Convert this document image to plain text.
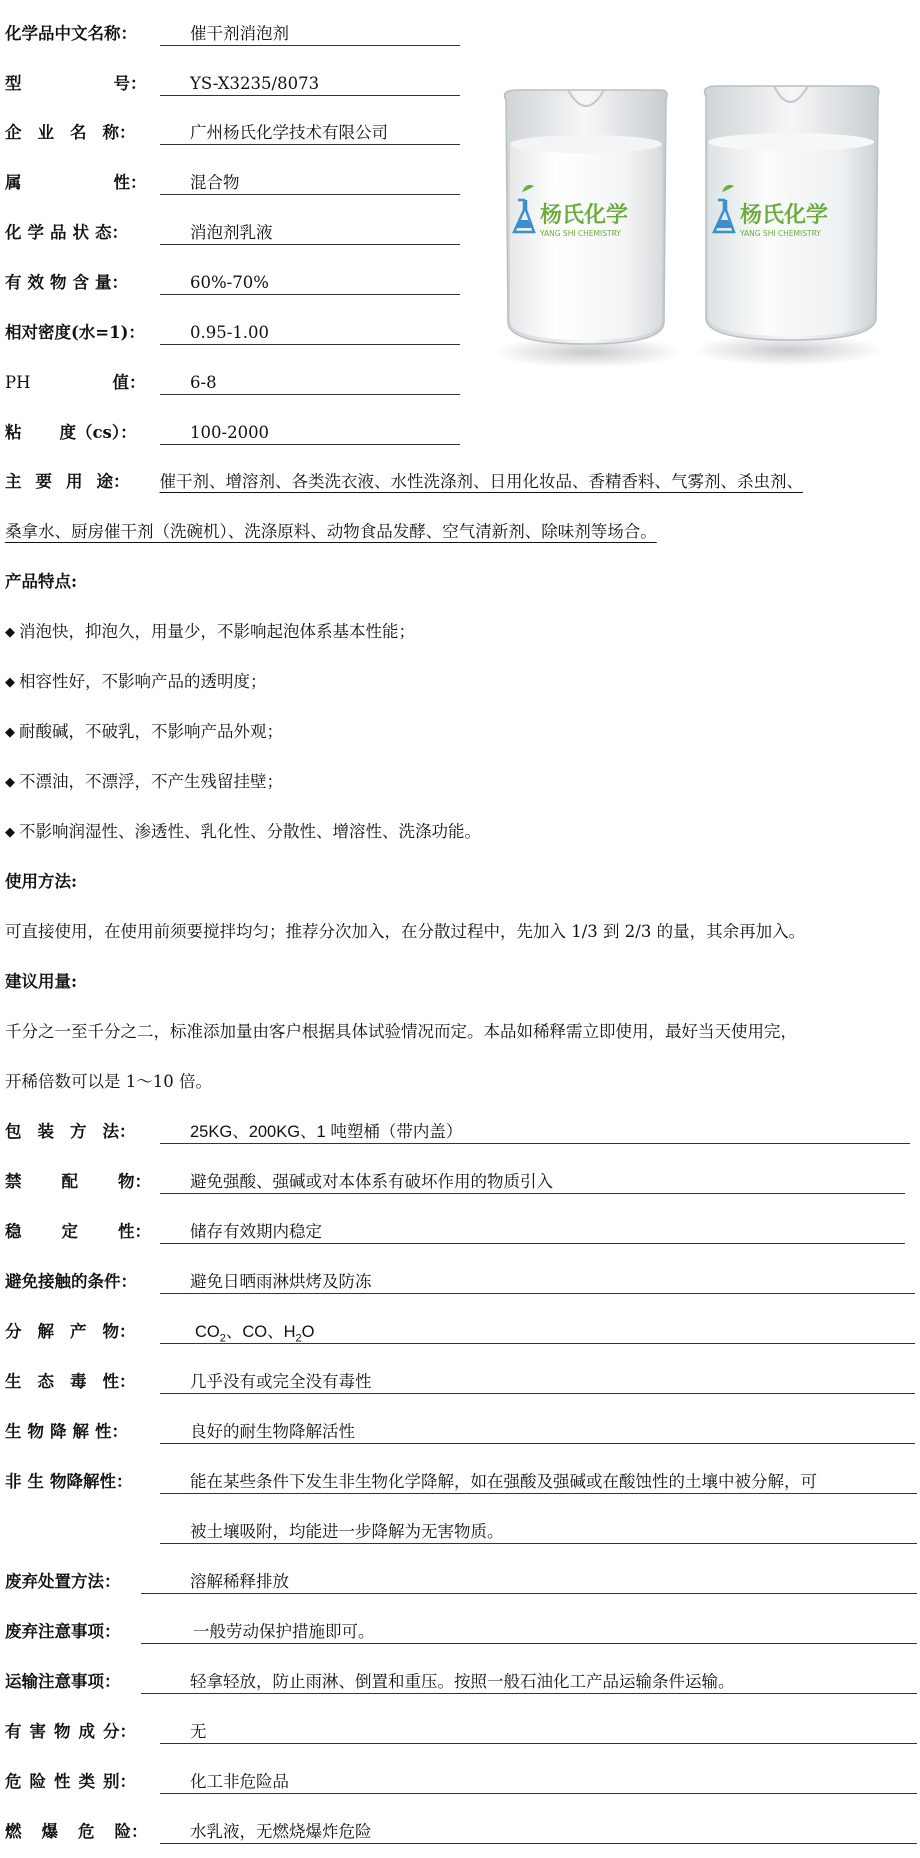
化学品中文名称：	催干剂消泡剂
型	号：	YS-X3235/8073
企 业 名 称：	广州杨氏化学技术有限公司
属	性：	混合物
化 学 品 状 态：	消泡剂乳液
有 效 物 含 量：	60%-70%
相对密度(水=1)：	0.95-1.00
PH	值：	6-8
粘 度（cs）：	100-2000
杨氏化学
YANG SHI CHEMISTRY
杨氏化学
YANG SHI CHEMISTRY
主 要 用 途： 催干剂、增溶剂、各类洗衣液、水性洗涤剂、日用化妆品、香精香料、气雾剂、杀虫剂、
桑拿水、厨房催干剂（洗碗机）、洗涤原料、动物食品发酵、空气清新剂、除味剂等场合。
产品特点:
◆ 消泡快，抑泡久，用量少，不影响起泡体系基本性能；
◆ 相容性好，不影响产品的透明度；
◆ 耐酸碱，不破乳，不影响产品外观；
◆ 不漂油，不漂浮，不产生残留挂壁；
◆ 不影响润湿性、渗透性、乳化性、分散性、增溶性、洗涤功能。
使用方法:
可直接使用，在使用前须要搅拌均匀；推荐分次加入，在分散过程中，先加入 1/3 到 2/3 的量，其余再加入。
建议用量:
千分之一至千分之二，标准添加量由客户根据具体试验情况而定。本品如稀释需立即使用，最好当天使用完，
开稀倍数可以是 1～10 倍。
包 装 方 法：	25KG、200KG、1 吨塑桶（带内盖）
禁 配 物： 避免强酸、强碱或对本体系有破坏作用的物质引入
稳 定 性： 储存有效期内稳定
避免接触的条件：	避免日晒雨淋烘烤及防冻
分 解 产 物：	$CO_2$、CO、$H_2O$
生 态 毒 性：	几乎没有或完全没有毒性
生 物 降 解 性：	良好的耐生物降解活性
非 生 物降解性：	能在某些条件下发生非生物化学降解，如在强酸及强碱或在酸蚀性的土壤中被分解，可
被土壤吸附，均能进一步降解为无害物质。
废弃处置方法：	溶解稀释排放
废弃注意事项：	一般劳动保护措施即可。
运输注意事项：	轻拿轻放，防止雨淋、倒置和重压。按照一般石油化工产品运输条件运输。
有 害 物 成 分：	无
危 险 性 类 别：	化工非危险品
燃 爆 危 险：	水乳液，无燃烧爆炸危险
